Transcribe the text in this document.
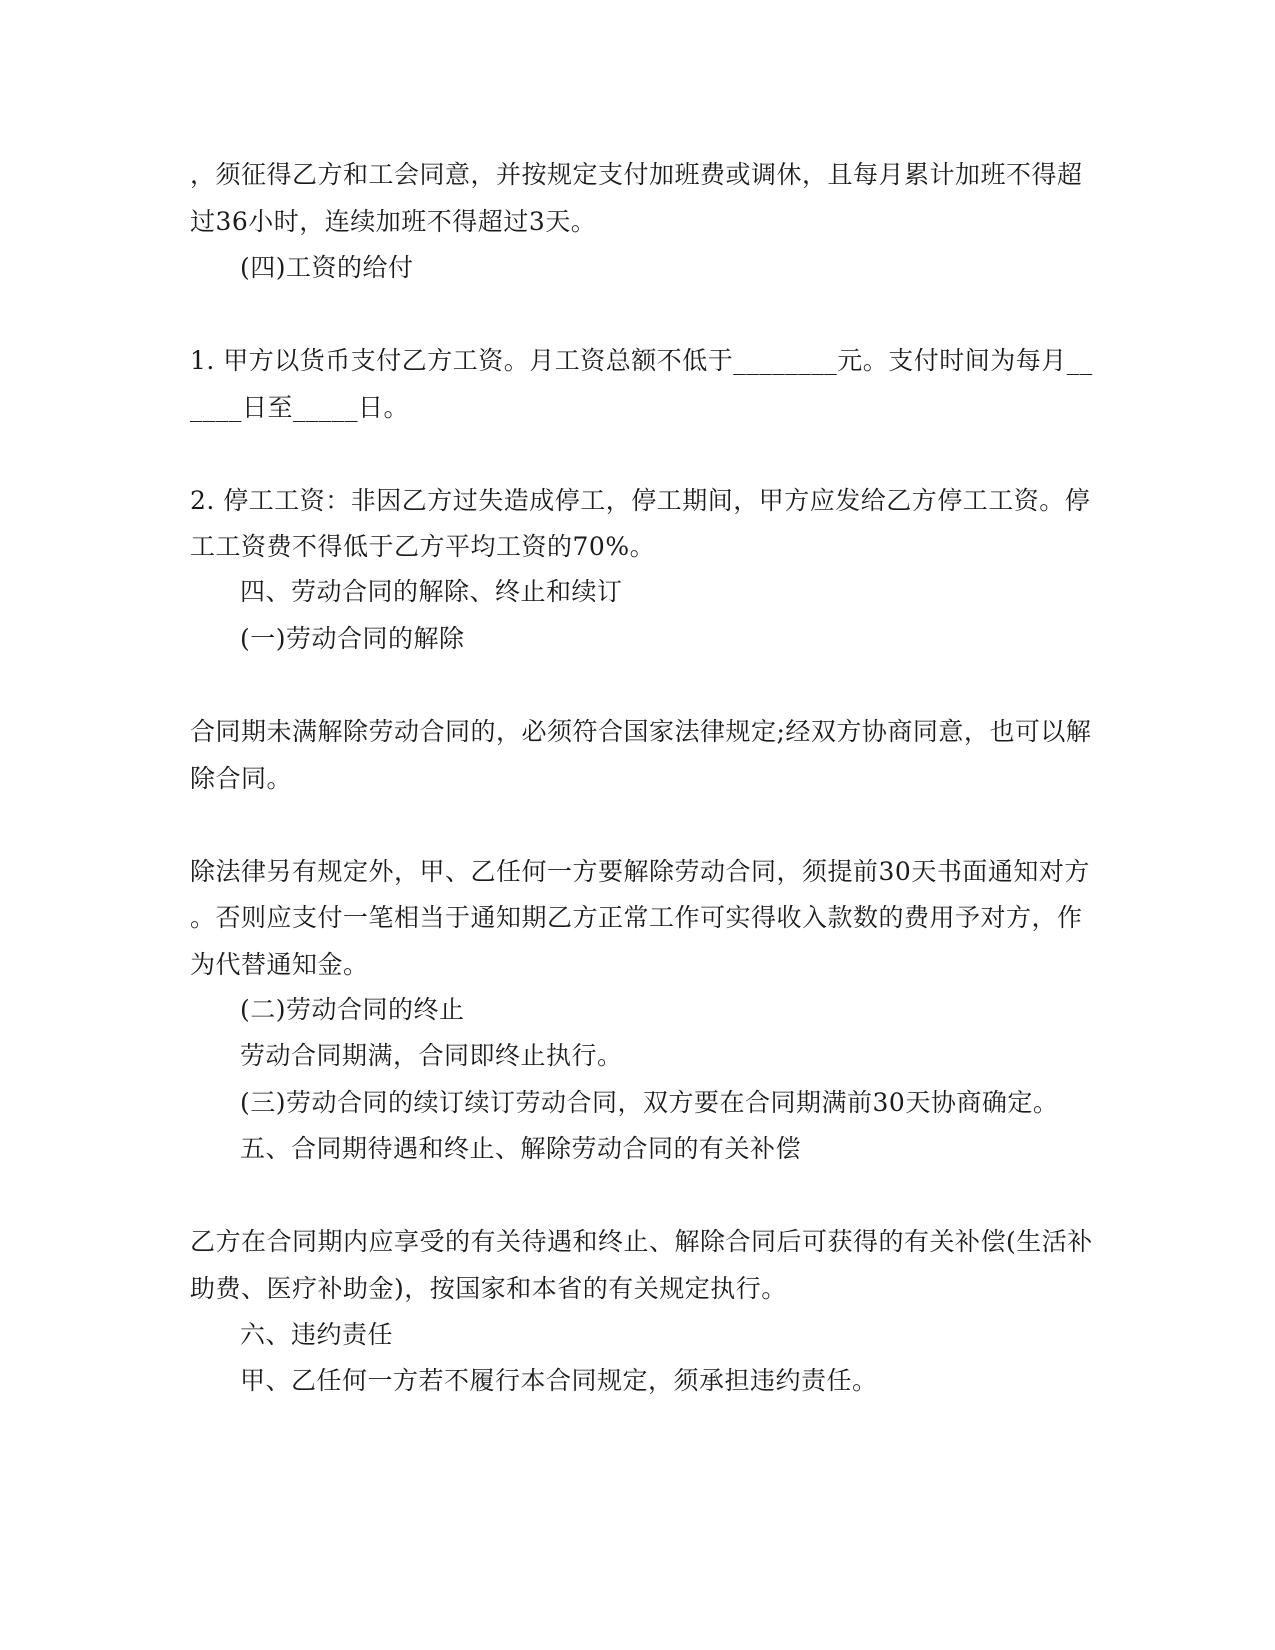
，须征得乙方和工会同意，并按规定支付加班费或调休，且每月累计加班不得超
过36小时，连续加班不得超过3天。
(四)工资的给付
1. 甲方以货币支付乙方工资。月工资总额不低于________元。支付时间为每月__
____日至_____日。
2. 停工工资：非因乙方过失造成停工，停工期间，甲方应发给乙方停工工资。停
工工资费不得低于乙方平均工资的70%。
四、劳动合同的解除、终止和续订
(一)劳动合同的解除
合同期未满解除劳动合同的，必须符合国家法律规定;经双方协商同意，也可以解
除合同。
除法律另有规定外，甲、乙任何一方要解除劳动合同，须提前30天书面通知对方
。否则应支付一笔相当于通知期乙方正常工作可实得收入款数的费用予对方，作
为代替通知金。
(二)劳动合同的终止
劳动合同期满，合同即终止执行。
(三)劳动合同的续订续订劳动合同，双方要在合同期满前30天协商确定。
五、合同期待遇和终止、解除劳动合同的有关补偿
乙方在合同期内应享受的有关待遇和终止、解除合同后可获得的有关补偿(生活补
助费、医疗补助金)，按国家和本省的有关规定执行。
六、违约责任
甲、乙任何一方若不履行本合同规定，须承担违约责任。
